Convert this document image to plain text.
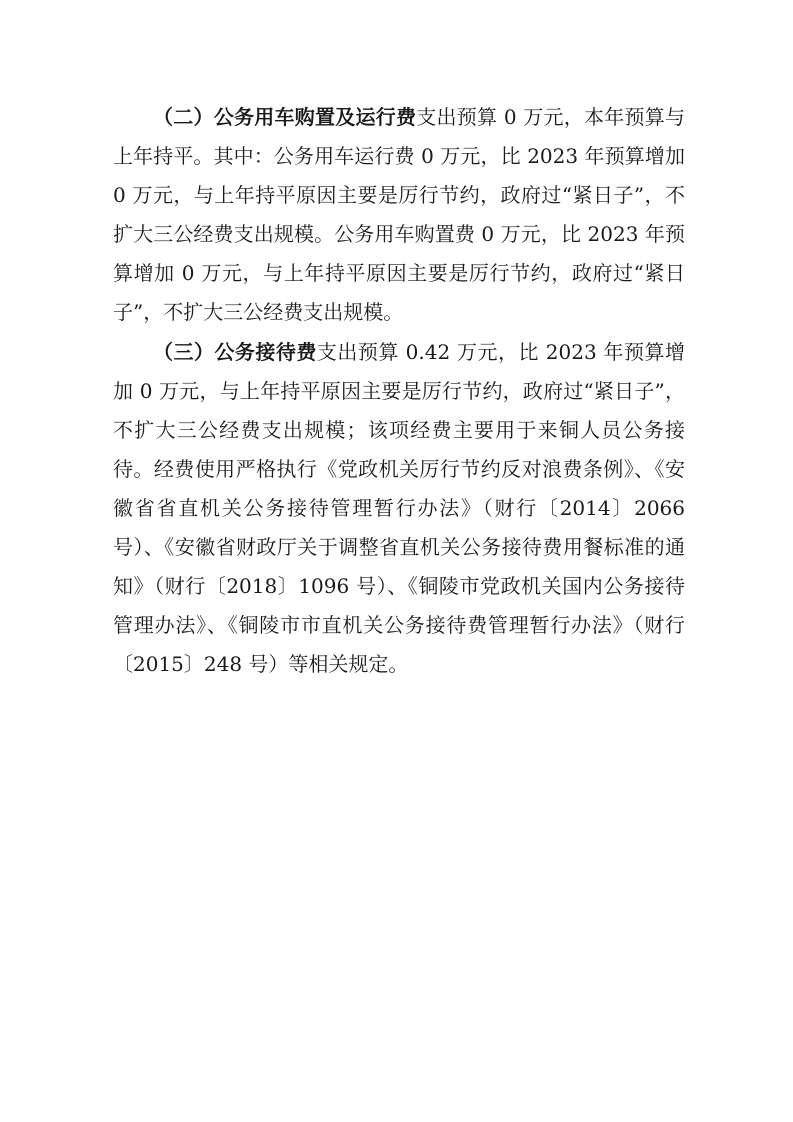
（二）公务用车购置及运行费支出预算 0 万元，本年预算与上年持平。其中：公务用车运行费 0 万元，比 2023 年预算增加 0 万元，与上年持平原因主要是厉行节约，政府过“紧日子”，不扩大三公经费支出规模。公务用车购置费 0 万元，比 2023 年预算增加 0 万元，与上年持平原因主要是厉行节约，政府过“紧日子”，不扩大三公经费支出规模。

（三）公务接待费支出预算 0.42 万元，比 2023 年预算增加 0 万元，与上年持平原因主要是厉行节约，政府过“紧日子”，不扩大三公经费支出规模；该项经费主要用于来铜人员公务接待。经费使用严格执行《党政机关厉行节约反对浪费条例》、《安徽省省直机关公务接待管理暂行办法》（财行〔2014〕2066 号）、《安徽省财政厅关于调整省直机关公务接待费用餐标准的通知》（财行〔2018〕1096 号）、《铜陵市党政机关国内公务接待管理办法》、《铜陵市市直机关公务接待费管理暂行办法》（财行〔2015〕248 号）等相关规定。
